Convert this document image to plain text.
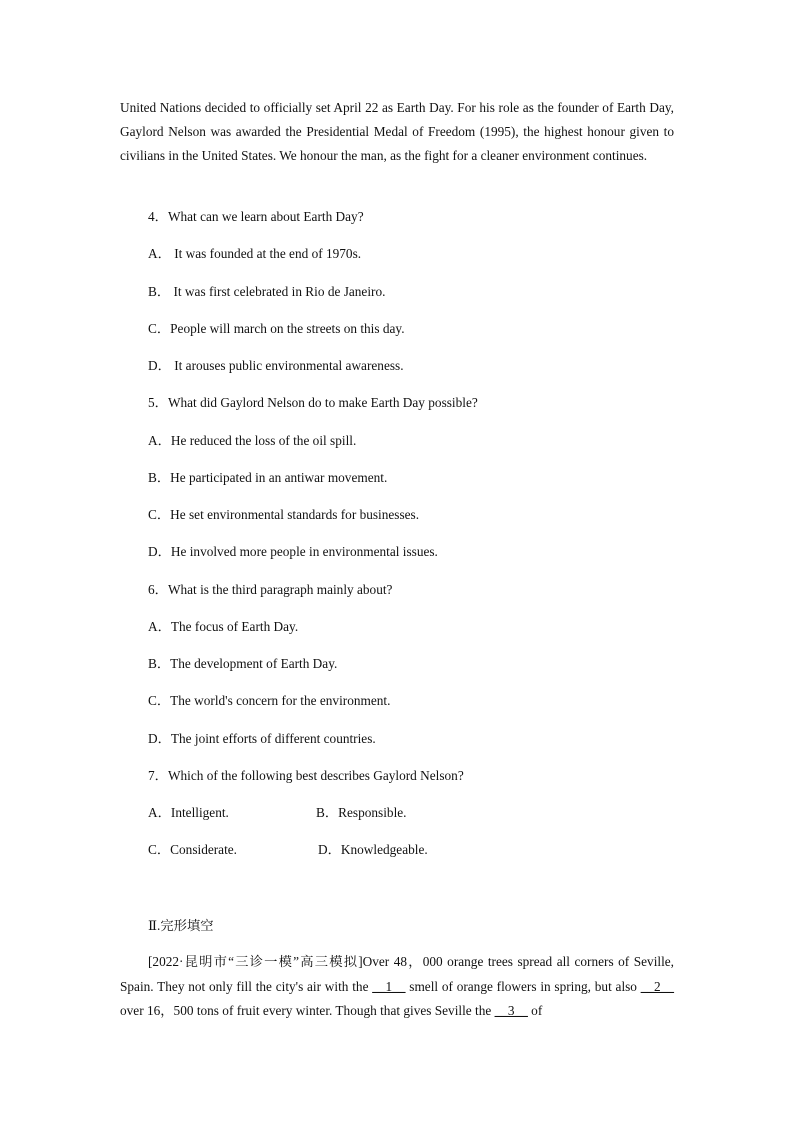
United Nations decided to officially set April 22 as Earth Day. For his role as the founder of Earth Day, Gaylord Nelson was awarded the Presidential Medal of Freedom (1995), the highest honour given to civilians in the United States. We honour the man, as the fight for a cleaner environment continues.

4．What can we learn about Earth Day?
A． It was founded at the end of 1970s.
B． It was first celebrated in Rio de Janeiro.
C．People will march on the streets on this day.
D． It arouses public environmental awareness.
5．What did Gaylord Nelson do to make Earth Day possible?
A．He reduced the loss of the oil spill.
B．He participated in an antiwar movement.
C．He set environmental standards for businesses.
D．He involved more people in environmental issues.
6．What is the third paragraph mainly about?
A．The focus of Earth Day.
B．The development of Earth Day.
C．The world's concern for the environment.
D．The joint efforts of different countries.
7．Which of the following best describes Gaylord Nelson?
A．Intelligent.	B．Responsible.
C．Considerate.	D．Knowledgeable.
Ⅱ.完形填空
[2022·昆明市“三诊一模”高三模拟]Over 48，000 orange trees spread all corners of Seville, Spain. They not only fill the city's air with the __1__ smell of orange flowers in spring, but also __2__ over 16，500 tons of fruit every winter. Though that gives Seville the __3__ of
